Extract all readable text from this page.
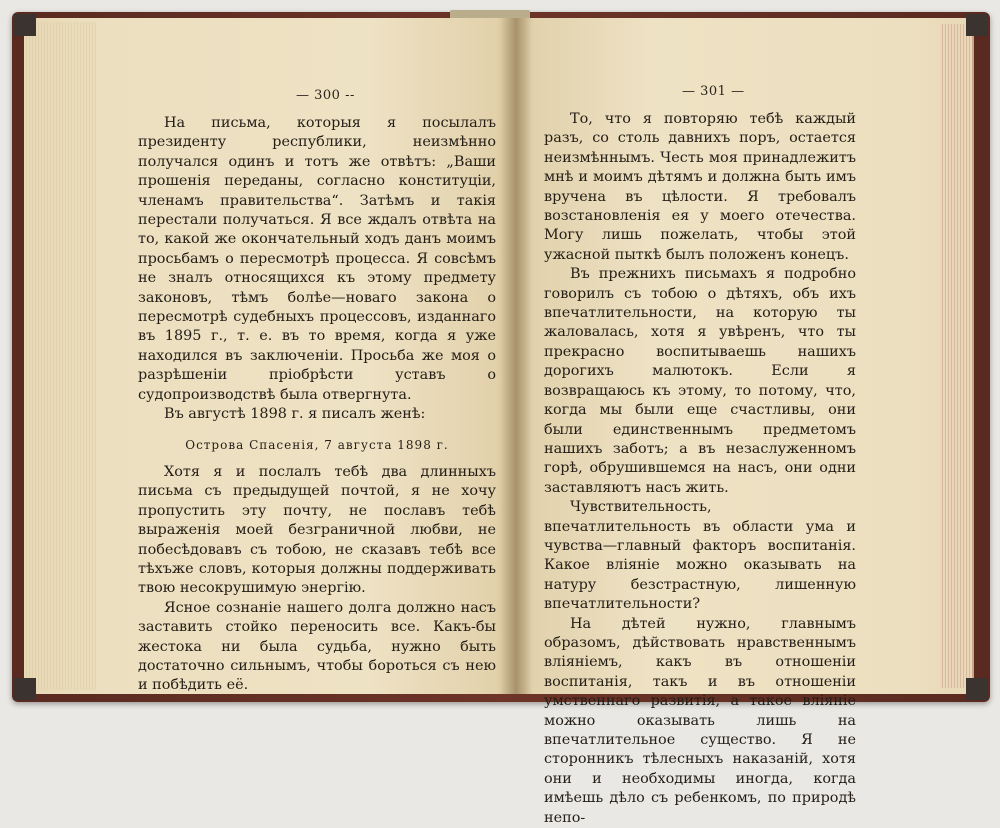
— 300 --

На письма, которыя я посылалъ президенту республики, неизмѣнно получался одинъ и тотъ же отвѣтъ: „Ваши прошенія переданы, согласно конституціи, членамъ правительства“. Затѣмъ и такія перестали получаться. Я все ждалъ отвѣта на то, какой же окончательный ходъ данъ моимъ просьбамъ о пересмотрѣ процесса. Я совсѣмъ не зналъ относящихся къ этому предмету законовъ, тѣмъ болѣе—новаго закона о пересмотрѣ судебныхъ процессовъ, изданнаго въ 1895 г., т. е. въ то время, когда я уже находился въ заключеніи. Просьба же моя о разрѣшеніи пріобрѣсти уставъ о судопроизводствѣ была отвергнута.

Въ августѣ 1898 г. я писалъ женѣ:

Острова Спасенія, 7 августа 1898 г.

Хотя я и послалъ тебѣ два длинныхъ письма съ предыдущей почтой, я не хочу пропустить эту почту, не пославъ тебѣ выраженія моей безграничной любви, не побесѣдовавъ съ тобою, не сказавъ тебѣ все тѣхъже словъ, которыя должны поддерживать твою несокрушимую энергію.

Ясное сознаніе нашего долга должно насъ заставить стойко переносить все. Какъ-бы жестока ни была судьба, нужно быть достаточно сильнымъ, чтобы бороться съ нею и побѣдить её.

— 301 —

То, что я повторяю тебѣ каждый разъ, со столь давнихъ поръ, остается неизмѣннымъ. Честь моя принадлежитъ мнѣ и моимъ дѣтямъ и должна быть имъ вручена въ цѣлости. Я требовалъ возстановленія ея у моего отечества. Могу лишь пожелать, чтобы этой ужасной пыткѣ былъ положенъ конецъ.

Въ прежнихъ письмахъ я подробно говорилъ съ тобою о дѣтяхъ, объ ихъ впечатлительности, на которую ты жаловалась, хотя я увѣренъ, что ты прекрасно воспитываешь нашихъ дорогихъ малютокъ. Если я возвращаюсь къ этому, то потому, что, когда мы были еще счастливы, они были единственнымъ предметомъ нашихъ заботъ; а въ незаслуженномъ горѣ, обрушившемся на насъ, они одни заставляютъ насъ жить.

Чувствительность, впечатлительность въ области ума и чувства—главный факторъ воспитанія. Какое вліяніе можно оказывать на натуру безстрастную, лишенную впечатлительности?

На дѣтей нужно, главнымъ образомъ, дѣйствовать нравственнымъ вліяніемъ, какъ въ отношеніи воспитанія, такъ и въ отношеніи умственнаго развитія, а такое вліяніе можно оказывать лишь на впечатлительное существо. Я не сторонникъ тѣлесныхъ наказаній, хотя они и необходимы иногда, когда имѣешь дѣло съ ребенкомъ, по природѣ непо-
